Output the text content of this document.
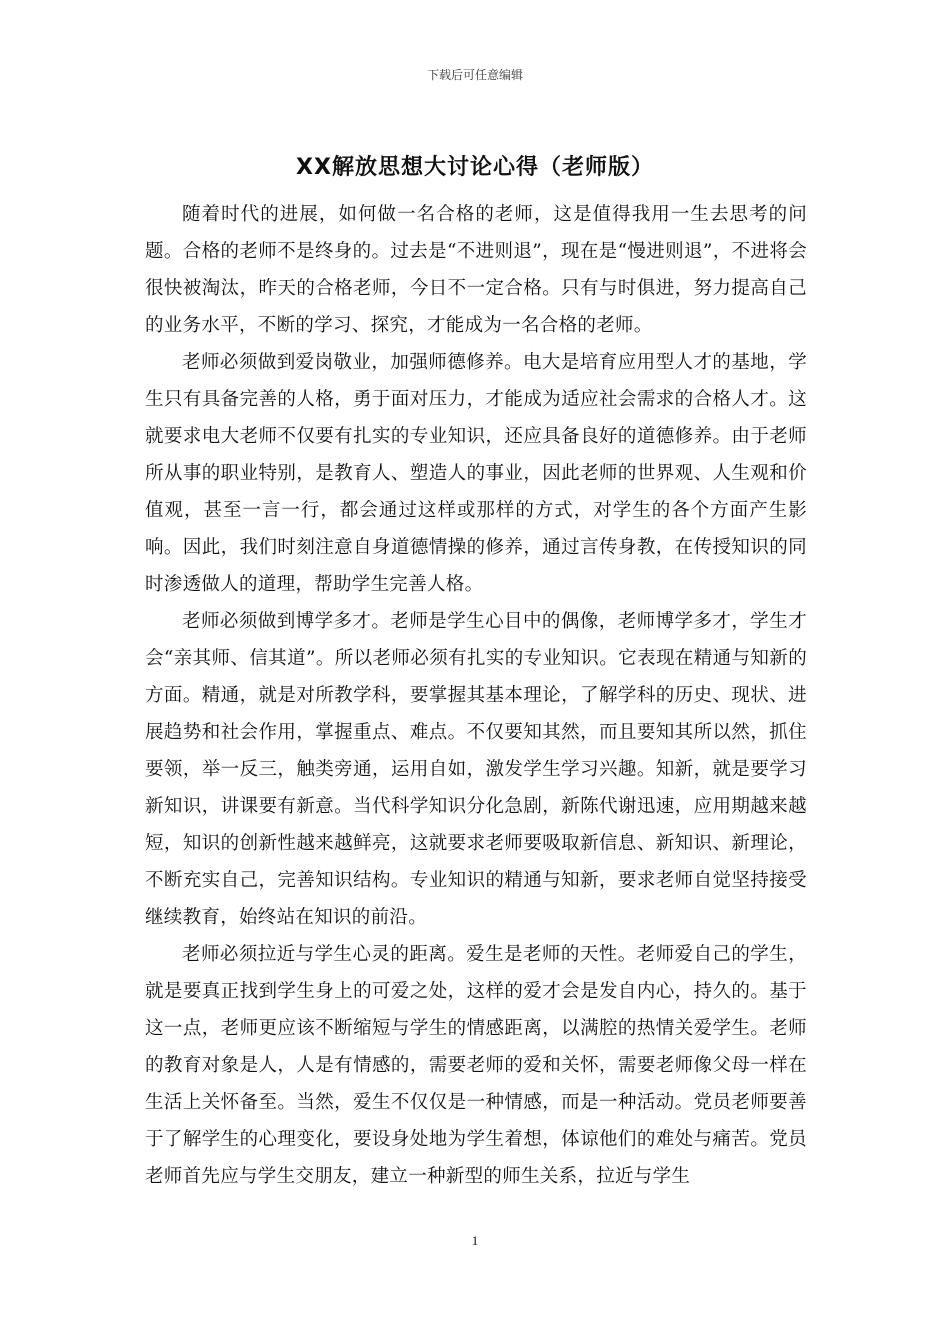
下载后可任意编辑
XX解放思想大讨论心得（老师版）

随着时代的进展，如何做一名合格的老师，这是值得我用一生去思考的问题。合格的老师不是终身的。过去是“不进则退”，现在是“慢进则退”，不进将会很快被淘汰，昨天的合格老师，今日不一定合格。只有与时俱进，努力提高自己的业务水平，不断的学习、探究，才能成为一名合格的老师。

老师必须做到爱岗敬业，加强师德修养。电大是培育应用型人才的基地，学生只有具备完善的人格，勇于面对压力，才能成为适应社会需求的合格人才。这就要求电大老师不仅要有扎实的专业知识，还应具备良好的道德修养。由于老师所从事的职业特别，是教育人、塑造人的事业，因此老师的世界观、人生观和价值观，甚至一言一行，都会通过这样或那样的方式，对学生的各个方面产生影响。因此，我们时刻注意自身道德情操的修养，通过言传身教，在传授知识的同时渗透做人的道理，帮助学生完善人格。

老师必须做到博学多才。老师是学生心目中的偶像，老师博学多才，学生才会“亲其师、信其道”。所以老师必须有扎实的专业知识。它表现在精通与知新的方面。精通，就是对所教学科，要掌握其基本理论，了解学科的历史、现状、进展趋势和社会作用，掌握重点、难点。不仅要知其然，而且要知其所以然，抓住要领，举一反三，触类旁通，运用自如，激发学生学习兴趣。知新，就是要学习新知识，讲课要有新意。当代科学知识分化急剧，新陈代谢迅速，应用期越来越短，知识的创新性越来越鲜亮，这就要求老师要吸取新信息、新知识、新理论，不断充实自己，完善知识结构。专业知识的精通与知新，要求老师自觉坚持接受继续教育，始终站在知识的前沿。

老师必须拉近与学生心灵的距离。爱生是老师的天性。老师爱自己的学生，就是要真正找到学生身上的可爱之处，这样的爱才会是发自内心，持久的。基于这一点，老师更应该不断缩短与学生的情感距离，以满腔的热情关爱学生。老师的教育对象是人，人是有情感的，需要老师的爱和关怀，需要老师像父母一样在生活上关怀备至。当然，爱生不仅仅是一种情感，而是一种活动。党员老师要善于了解学生的心理变化，要设身处地为学生着想，体谅他们的难处与痛苦。党员老师首先应与学生交朋友，建立一种新型的师生关系，拉近与学生

1
